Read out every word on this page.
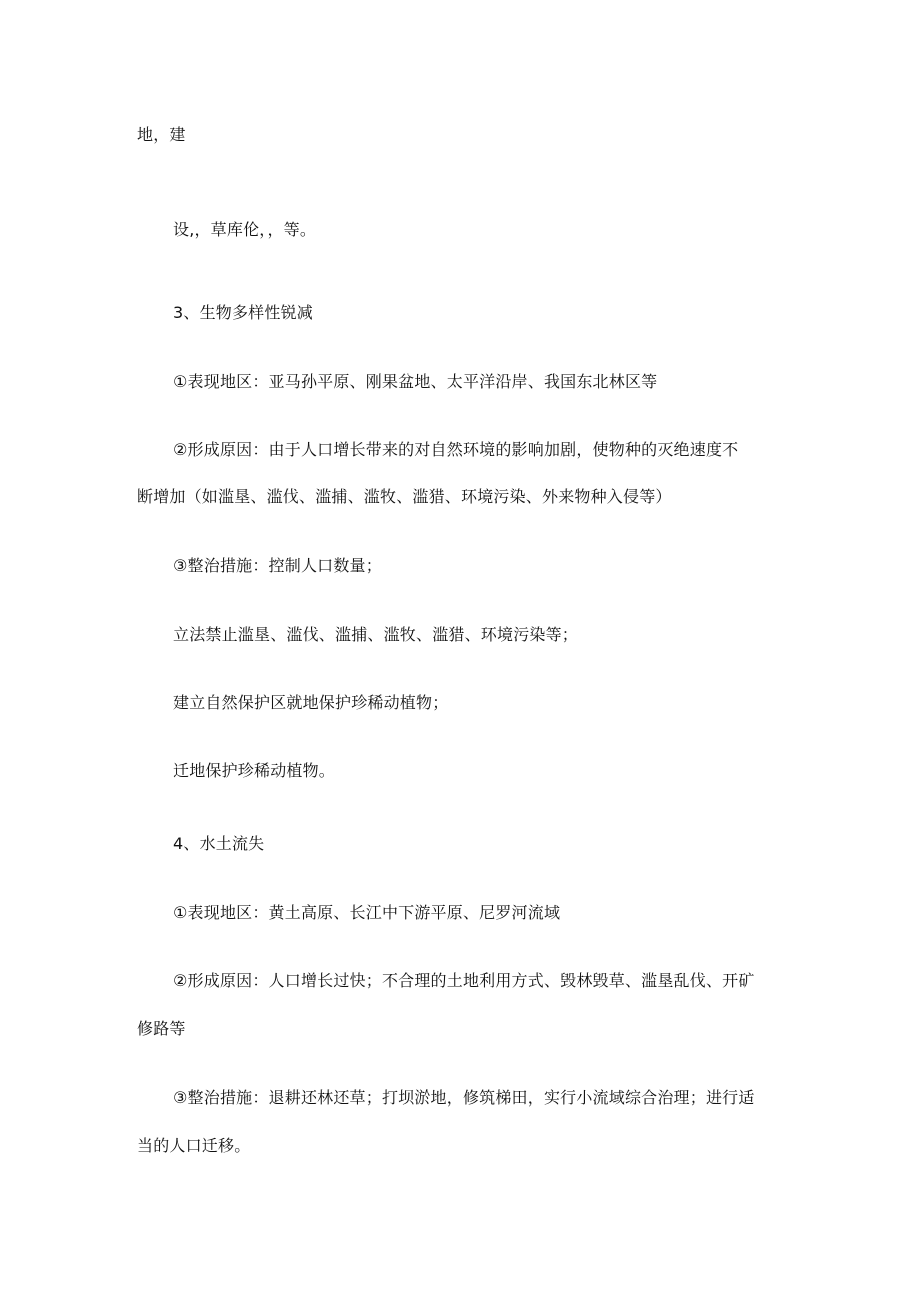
地，建
设,，草库伦，，等。
3、生物多样性锐减
①表现地区：亚马孙平原、刚果盆地、太平洋沿岸、我国东北林区等
②形成原因：由于人口增长带来的对自然环境的影响加剧，使物种的灭绝速度不
断增加（如滥垦、滥伐、滥捕、滥牧、滥猎、环境污染、外来物种入侵等）
③整治措施：控制人口数量；
立法禁止滥垦、滥伐、滥捕、滥牧、滥猎、环境污染等；
建立自然保护区就地保护珍稀动植物；
迁地保护珍稀动植物。
4、水土流失
①表现地区：黄土高原、长江中下游平原、尼罗河流域
②形成原因：人口增长过快；不合理的土地利用方式、毁林毁草、滥垦乱伐、开矿
修路等
③整治措施：退耕还林还草；打坝淤地，修筑梯田，实行小流域综合治理；进行适
当的人口迁移。
